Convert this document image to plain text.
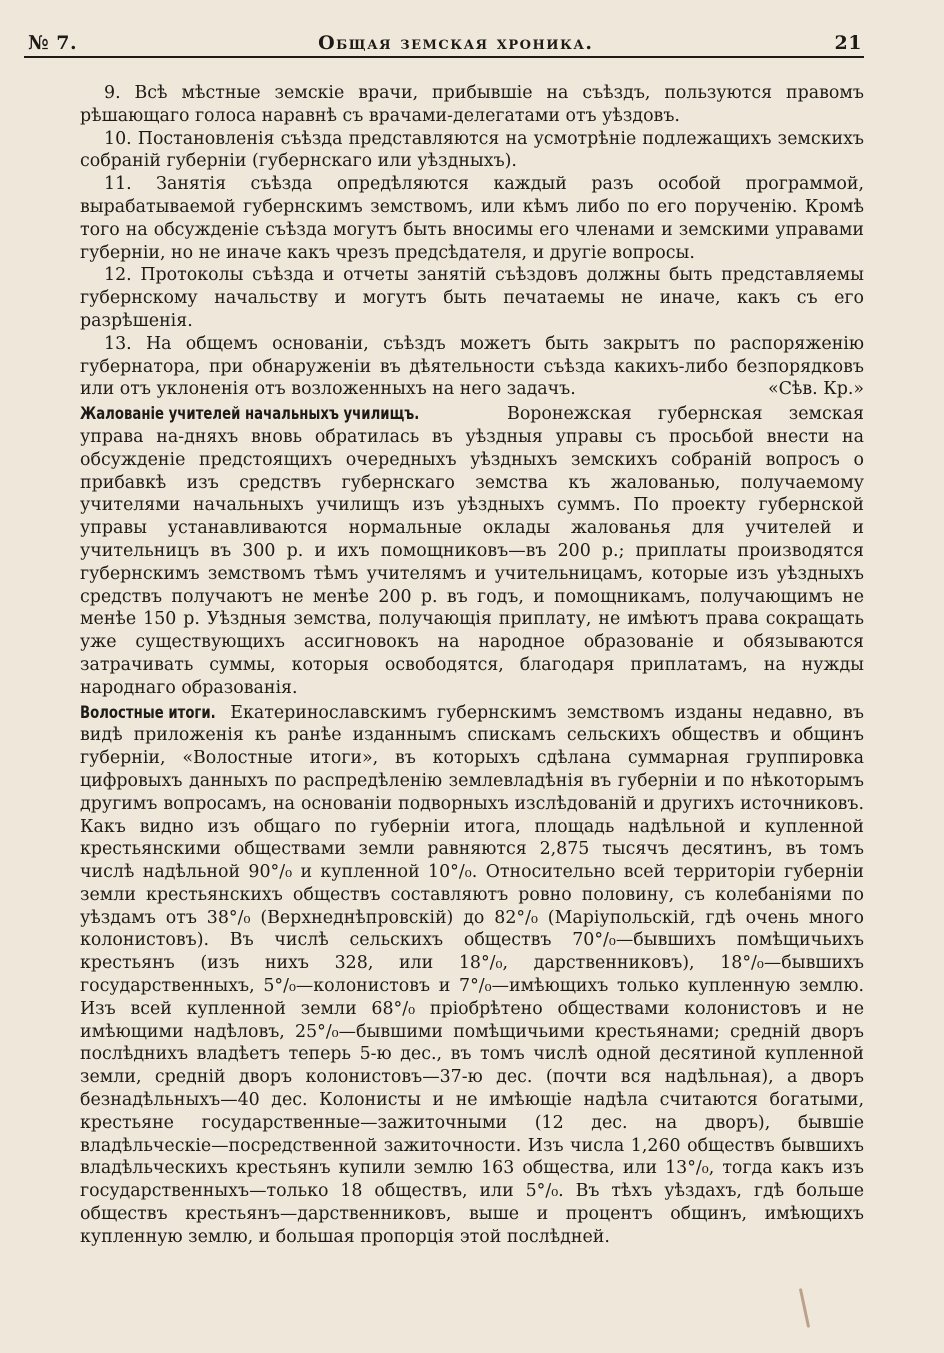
№ 7.	Общая земская хроника.	21

9. Всѣ мѣстные земскіе врачи, прибывшіе на съѣздъ, пользуются правомъ рѣшающаго голоса наравнѣ съ врачами-делегатами отъ уѣздовъ.

10. Постановленія съѣзда представляются на усмотрѣніе подлежащихъ земскихъ собраній губерніи (губернскаго или уѣздныхъ).

11. Занятія съѣзда опредѣляются каждый разъ особой программой, вырабатываемой губернскимъ земствомъ, или кѣмъ либо по его порученію. Кромѣ того на обсужденіе съѣзда могутъ быть вносимы его членами и земскими управами губерніи, но не иначе какъ чрезъ предсѣдателя, и другіе вопросы.

12. Протоколы съѣзда и отчеты занятій съѣздовъ должны быть представляемы губернскому начальству и могутъ быть печатаемы не иначе, какъ съ его разрѣшенія.

13. На общемъ основаніи, съѣздъ можетъ быть закрытъ по распоряженію губернатора, при обнаруженіи въ дѣятельности съѣзда какихъ-либо безпорядковъ или отъ уклоненія отъ возложенныхъ на него задачъ.	«Сѣв. Кр.»

Жалованіе учителей начальныхъ училищъ.	Воронежская губернская земская управа на-дняхъ вновь обратилась въ уѣздныя управы съ просьбой внести на обсужденіе предстоящихъ очередныхъ уѣздныхъ земскихъ собраній вопросъ о прибавкѣ изъ средствъ губернскаго земства къ жалованью, получаемому учителями начальныхъ училищъ изъ уѣздныхъ суммъ. По проекту губернской управы устанавливаются нормальные оклады жалованья для учителей и учительницъ въ 300 р. и ихъ помощниковъ—въ 200 р.; приплаты производятся губернскимъ земствомъ тѣмъ учителямъ и учительницамъ, которые изъ уѣздныхъ средствъ получаютъ не менѣе 200 р. въ годъ, и помощникамъ, получающимъ не менѣе 150 р. Уѣздныя земства, получающія приплату, не имѣютъ права сокращать уже существующихъ ассигновокъ на народное образованіе и обязываются затрачивать суммы, которыя освободятся, благодаря приплатамъ, на нужды народнаго образованія.

Волостные итоги. Екатеринославскимъ губернскимъ земствомъ изданы недавно, въ видѣ приложенія къ ранѣе изданнымъ спискамъ сельскихъ обществъ и общинъ губерніи, «Волостные итоги», въ которыхъ сдѣлана суммарная группировка цифровыхъ данныхъ по распредѣленію землевладѣнія въ губерніи и по нѣкоторымъ другимъ вопросамъ, на основаніи подворныхъ изслѣдованій и другихъ источниковъ. Какъ видно изъ общаго по губерніи итога, площадь надѣльной и купленной крестьянскими обществами земли равняются 2,875 тысячъ десятинъ, въ томъ числѣ надѣльной 90°/₀ и купленной 10°/₀. Относительно всей территоріи губерніи земли крестьянскихъ обществъ составляютъ ровно половину, съ колебаніями по уѣздамъ отъ 38°/₀ (Верхнеднѣпровскій) до 82°/₀ (Маріупольскій, гдѣ очень много колонистовъ). Въ числѣ сельскихъ обществъ 70°/₀—бывшихъ помѣщичьихъ крестьянъ (изъ нихъ 328, или 18°/₀, дарственниковъ), 18°/₀—бывшихъ государственныхъ, 5°/₀—колонистовъ и 7°/₀—имѣющихъ только купленную землю. Изъ всей купленной земли 68°/₀ пріобрѣтено обществами колонистовъ и не имѣющими надѣловъ, 25°/₀—бывшими помѣщичьими крестьянами; средній дворъ послѣднихъ владѣетъ теперь 5-ю дес., въ томъ числѣ одной десятиной купленной земли, средній дворъ колонистовъ—37-ю дес. (почти вся надѣльная), а дворъ безнадѣльныхъ—40 дес. Колонисты и не имѣющіе надѣла считаются богатыми, крестьяне государственные—зажиточными (12 дес. на дворъ), бывшіе владѣльческіе—посредственной зажиточности. Изъ числа 1,260 обществъ бывшихъ владѣльческихъ крестьянъ купили землю 163 общества, или 13°/₀, тогда какъ изъ государственныхъ—только 18 обществъ, или 5°/₀. Въ тѣхъ уѣздахъ, гдѣ больше обществъ крестьянъ—дарственниковъ, выше и процентъ общинъ, имѣющихъ купленную землю, и большая пропорція этой послѣдней.
